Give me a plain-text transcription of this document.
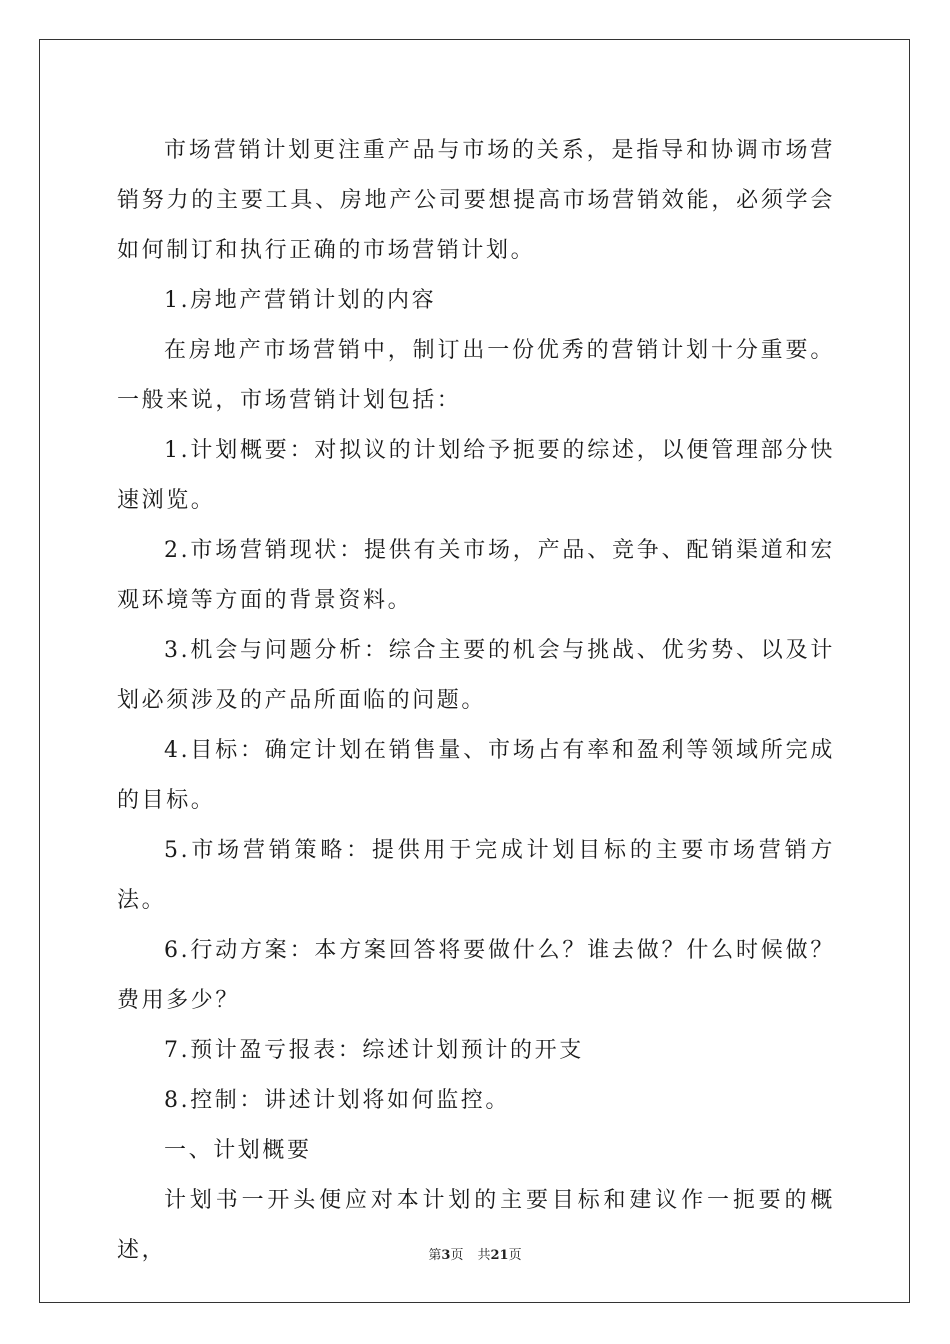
市场营销计划更注重产品与市场的关系，是指导和协调市场营销努力的主要工具、房地产公司要想提高市场营销效能，必须学会如何制订和执行正确的市场营销计划。

1.房地产营销计划的内容

在房地产市场营销中，制订出一份优秀的营销计划十分重要。一般来说，市场营销计划包括：

1.计划概要：对拟议的计划给予扼要的综述，以便管理部分快速浏览。

2.市场营销现状：提供有关市场，产品、竞争、配销渠道和宏观环境等方面的背景资料。

3.机会与问题分析：综合主要的机会与挑战、优劣势、以及计划必须涉及的产品所面临的问题。

4.目标：确定计划在销售量、市场占有率和盈利等领域所完成的目标。

5.市场营销策略：提供用于完成计划目标的主要市场营销方法。

6.行动方案：本方案回答将要做什么？谁去做？什么时候做？费用多少？

7.预计盈亏报表：综述计划预计的开支

8.控制：讲述计划将如何监控。

一、计划概要

计划书一开头便应对本计划的主要目标和建议作一扼要的概述，	第3页 共21页
